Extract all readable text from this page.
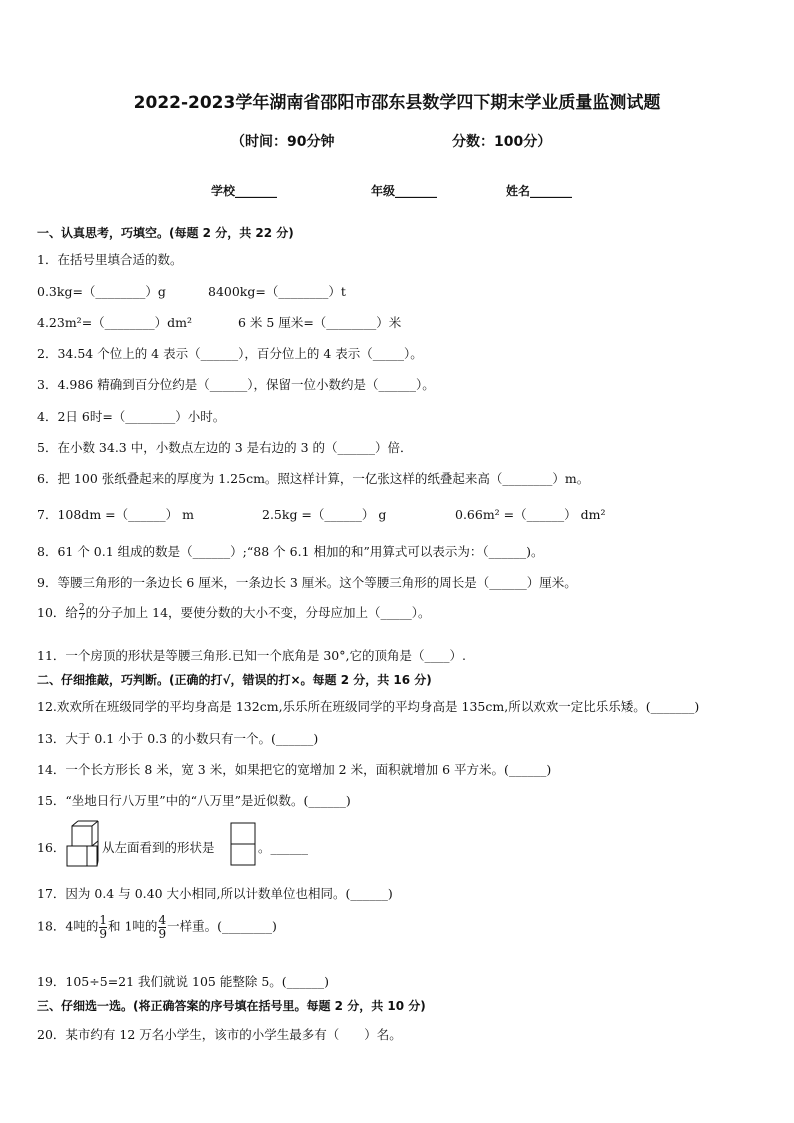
2022-2023学年湖南省邵阳市邵东县数学四下期末学业质量监测试题
（时间：90分钟	分数：100分）
学校_______	年级_______	姓名_______
一、认真思考，巧填空。(每题 2 分，共 22 分)
1．在括号里填合适的数。
0.3kg=（________）g	8400kg=（________）t
4.23m²=（________）dm²	6 米 5 厘米=（________）米
2．34.54 个位上的 4 表示（______），百分位上的 4 表示（_____）。
3．4.986 精确到百分位约是（______），保留一位小数约是（______）。
4．2日 6时=（________）小时。
5．在小数 34.3 中，小数点左边的 3 是右边的 3 的（______）倍．
6．把 100 张纸叠起来的厚度为 1.25cm。照这样计算，一亿张这样的纸叠起来高（________）m。
7．108dm =（______） m	2.5kg =（______） g	0.66m² =（______） dm²
8．61 个 0.1 组成的数是（______）;“88 个 6.1 相加的和”用算式可以表示为：（______)。
9．等腰三角形的一条边长 6 厘米，一条边长 3 厘米。这个等腰三角形的周长是（______）厘米。
10．给 $\frac{2}{7}$ 的分子加上 14，要使分数的大小不变，分母应加上（_____）。
11．一个房顶的形状是等腰三角形.已知一个底角是 30°,它的顶角是（____）.
二、仔细推敲，巧判断。(正确的打√，错误的打×。每题 2 分，共 16 分)
12.欢欢所在班级同学的平均身高是 132cm,乐乐所在班级同学的平均身高是 135cm,所以欢欢一定比乐乐矮。(_______)
13．大于 0.1 小于 0.3 的小数只有一个。(______)
14．一个长方形长 8 米，宽 3 米，如果把它的宽增加 2 米，面积就增加 6 平方米。(______)
15．“坐地日行八万里”中的“八万里”是近似数。(______)
16．	从左面看到的形状是	。______
17．因为 0.4 与 0.40 大小相同,所以计数单位也相同。(______)
18．4吨的 $\frac{1}{9}$ 和 1吨的 $\frac{4}{9}$ 一样重。(________)
19．105÷5=21 我们就说 105 能整除 5。(______)
三、仔细选一选。(将正确答案的序号填在括号里。每题 2 分，共 10 分)
20．某市约有 12 万名小学生，该市的小学生最多有（　　）名。
